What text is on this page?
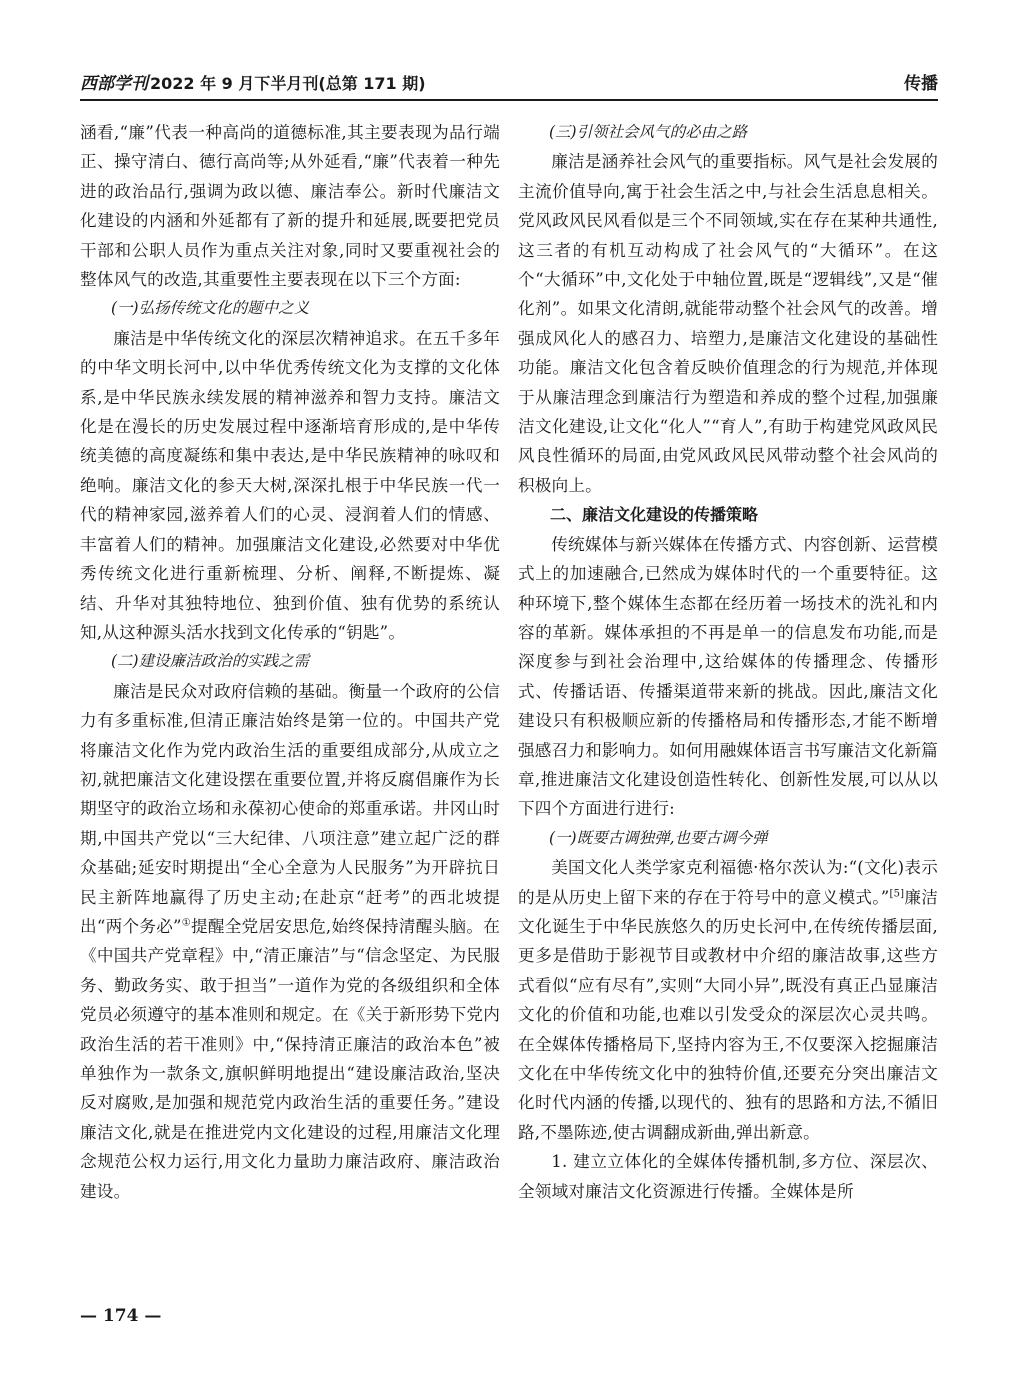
西部学刊 2022 年 9 月下半月刊(总第 171 期)	传播

涵看,“廉”代表一种高尚的道德标准,其主要表现为品行端正、操守清白、德行高尚等;从外延看,“廉”代表着一种先进的政治品行,强调为政以德、廉洁奉公。新时代廉洁文化建设的内涵和外延都有了新的提升和延展,既要把党员干部和公职人员作为重点关注对象,同时又要重视社会的整体风气的改造,其重要性主要表现在以下三个方面:

(一)弘扬传统文化的题中之义

廉洁是中华传统文化的深层次精神追求。在五千多年的中华文明长河中,以中华优秀传统文化为支撑的文化体系,是中华民族永续发展的精神滋养和智力支持。廉洁文化是在漫长的历史发展过程中逐渐培育形成的,是中华传统美德的高度凝练和集中表达,是中华民族精神的咏叹和绝响。廉洁文化的参天大树,深深扎根于中华民族一代一代的精神家园,滋养着人们的心灵、浸润着人们的情感、丰富着人们的精神。加强廉洁文化建设,必然要对中华优秀传统文化进行重新梳理、分析、阐释,不断提炼、凝结、升华对其独特地位、独到价值、独有优势的系统认知,从这种源头活水找到文化传承的“钥匙”。

(二)建设廉洁政治的实践之需

廉洁是民众对政府信赖的基础。衡量一个政府的公信力有多重标准,但清正廉洁始终是第一位的。中国共产党将廉洁文化作为党内政治生活的重要组成部分,从成立之初,就把廉洁文化建设摆在重要位置,并将反腐倡廉作为长期坚守的政治立场和永葆初心使命的郑重承诺。井冈山时期,中国共产党以“三大纪律、八项注意”建立起广泛的群众基础;延安时期提出“全心全意为人民服务”为开辟抗日民主新阵地赢得了历史主动;在赴京“赶考”的西北坡提出“两个务必”①提醒全党居安思危,始终保持清醒头脑。在《中国共产党章程》中,“清正廉洁”与“信念坚定、为民服务、勤政务实、敢于担当”一道作为党的各级组织和全体党员必须遵守的基本准则和规定。在《关于新形势下党内政治生活的若干准则》中,“保持清正廉洁的政治本色”被单独作为一款条文,旗帜鲜明地提出“建设廉洁政治,坚决反对腐败,是加强和规范党内政治生活的重要任务。”建设廉洁文化,就是在推进党内文化建设的过程,用廉洁文化理念规范公权力运行,用文化力量助力廉洁政府、廉洁政治建设。

(三)引领社会风气的必由之路

廉洁是涵养社会风气的重要指标。风气是社会发展的主流价值导向,寓于社会生活之中,与社会生活息息相关。党风政风民风看似是三个不同领域,实在存在某种共通性,这三者的有机互动构成了社会风气的“大循环”。在这个“大循环”中,文化处于中轴位置,既是“逻辑线”,又是“催化剂”。如果文化清朗,就能带动整个社会风气的改善。增强成风化人的感召力、培塑力,是廉洁文化建设的基础性功能。廉洁文化包含着反映价值理念的行为规范,并体现于从廉洁理念到廉洁行为塑造和养成的整个过程,加强廉洁文化建设,让文化“化人”“育人”,有助于构建党风政风民风良性循环的局面,由党风政风民风带动整个社会风尚的积极向上。

二、廉洁文化建设的传播策略

传统媒体与新兴媒体在传播方式、内容创新、运营模式上的加速融合,已然成为媒体时代的一个重要特征。这种环境下,整个媒体生态都在经历着一场技术的洗礼和内容的革新。媒体承担的不再是单一的信息发布功能,而是深度参与到社会治理中,这给媒体的传播理念、传播形式、传播话语、传播渠道带来新的挑战。因此,廉洁文化建设只有积极顺应新的传播格局和传播形态,才能不断增强感召力和影响力。如何用融媒体语言书写廉洁文化新篇章,推进廉洁文化建设创造性转化、创新性发展,可以从以下四个方面进行进行:

(一)既要古调独弹,也要古调今弹

美国文化人类学家克利福德·格尔茨认为:“(文化)表示的是从历史上留下来的存在于符号中的意义模式。”[5]廉洁文化诞生于中华民族悠久的历史长河中,在传统传播层面,更多是借助于影视节目或教材中介绍的廉洁故事,这些方式看似“应有尽有”,实则“大同小异”,既没有真正凸显廉洁文化的价值和功能,也难以引发受众的深层次心灵共鸣。在全媒体传播格局下,坚持内容为王,不仅要深入挖掘廉洁文化在中华传统文化中的独特价值,还要充分突出廉洁文化时代内涵的传播,以现代的、独有的思路和方法,不循旧路,不墨陈迹,使古调翻成新曲,弹出新意。

1. 建立立体化的全媒体传播机制,多方位、深层次、全领域对廉洁文化资源进行传播。全媒体是所

— 174 —
